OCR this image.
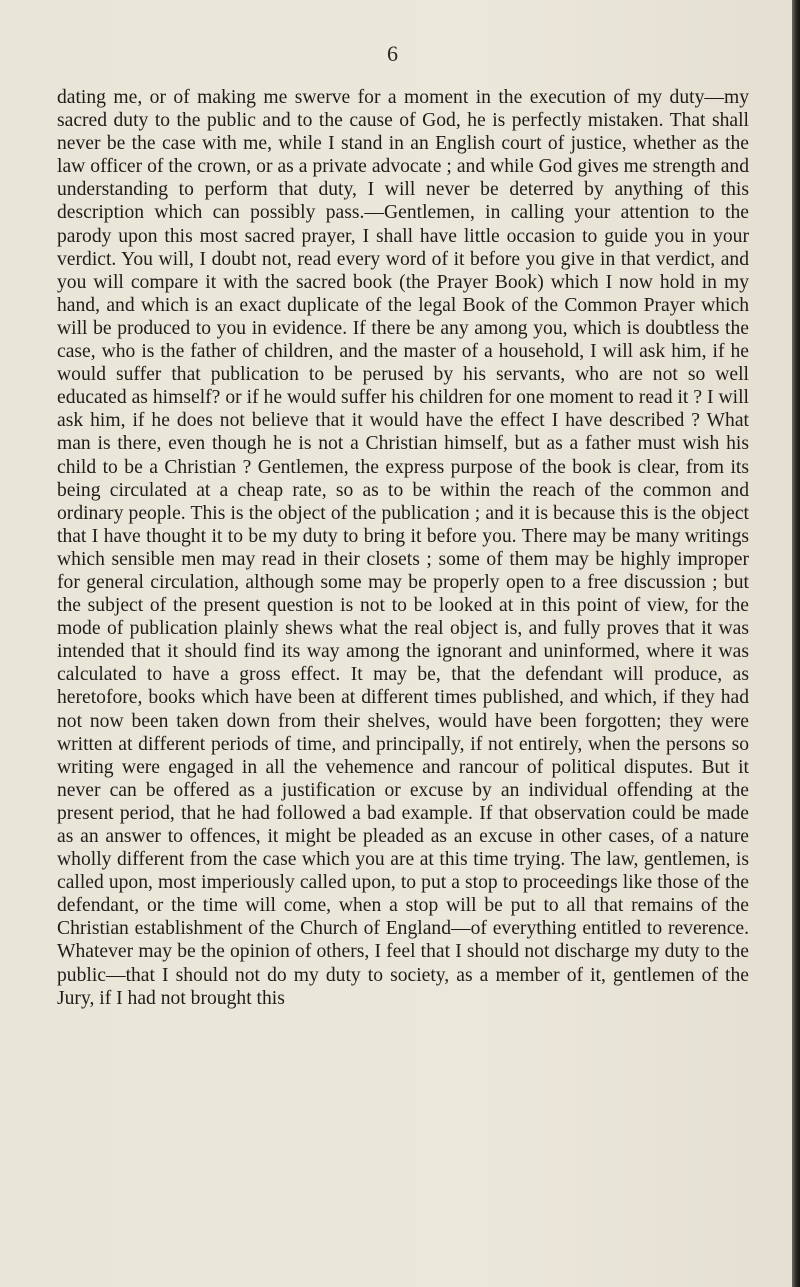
6

dating me, or of making me swerve for a moment in the execution of my duty—my sacred duty to the public and to the cause of God, he is perfectly mistaken. That shall never be the case with me, while I stand in an English court of justice, whether as the law officer of the crown, or as a private advocate ; and while God gives me strength and understanding to perform that duty, I will never be deterred by anything of this description which can possibly pass.—Gentlemen, in calling your attention to the parody upon this most sacred prayer, I shall have little occasion to guide you in your verdict. You will, I doubt not, read every word of it before you give in that verdict, and you will compare it with the sacred book (the Prayer Book) which I now hold in my hand, and which is an exact duplicate of the legal Book of the Common Prayer which will be produced to you in evidence. If there be any among you, which is doubtless the case, who is the father of children, and the master of a household, I will ask him, if he would suffer that publication to be perused by his servants, who are not so well educated as himself? or if he would suffer his children for one moment to read it ? I will ask him, if he does not believe that it would have the effect I have described ? What man is there, even though he is not a Christian himself, but as a father must wish his child to be a Christian ? Gentlemen, the express purpose of the book is clear, from its being circulated at a cheap rate, so as to be within the reach of the common and ordinary people. This is the object of the publication ; and it is because this is the object that I have thought it to be my duty to bring it before you. There may be many writings which sensible men may read in their closets ; some of them may be highly improper for general circulation, although some may be properly open to a free discussion ; but the subject of the present question is not to be looked at in this point of view, for the mode of publication plainly shews what the real object is, and fully proves that it was intended that it should find its way among the ignorant and uninformed, where it was calculated to have a gross effect. It may be, that the defendant will produce, as heretofore, books which have been at different times published, and which, if they had not now been taken down from their shelves, would have been forgotten; they were written at different periods of time, and principally, if not entirely, when the persons so writing were engaged in all the vehemence and rancour of political disputes. But it never can be offered as a justification or excuse by an individual offending at the present period, that he had followed a bad example. If that observation could be made as an answer to offences, it might be pleaded as an excuse in other cases, of a nature wholly different from the case which you are at this time trying. The law, gentlemen, is called upon, most imperiously called upon, to put a stop to proceedings like those of the defendant, or the time will come, when a stop will be put to all that remains of the Christian establishment of the Church of England—of everything entitled to reverence. Whatever may be the opinion of others, I feel that I should not discharge my duty to the public—that I should not do my duty to society, as a member of it, gentlemen of the Jury, if I had not brought this
